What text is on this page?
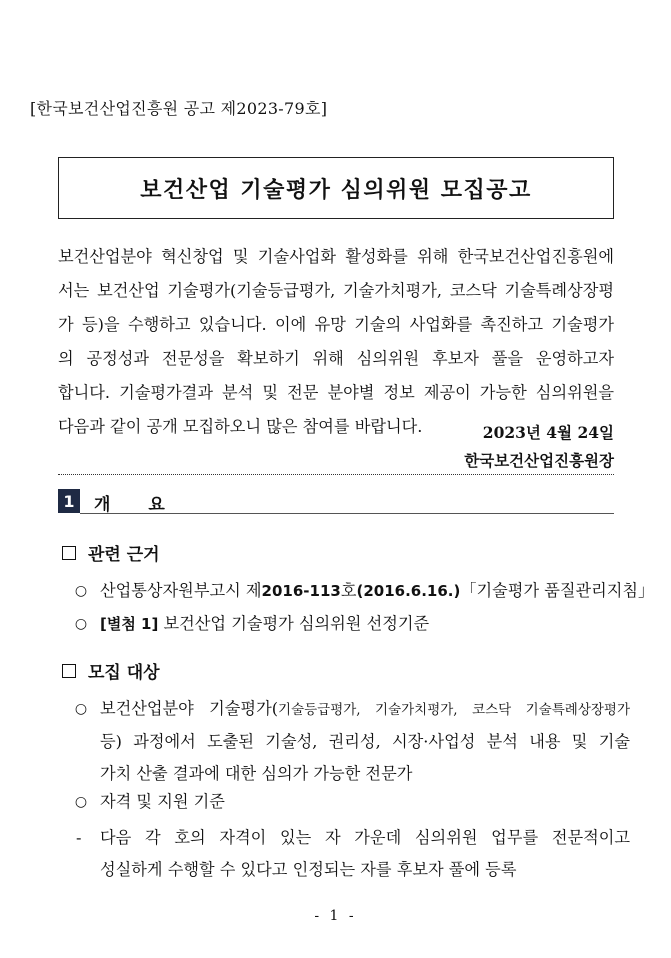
[한국보건산업진흥원 공고 제2023-79호]
보건산업 기술평가 심의위원 모집공고
보건산업분야 혁신창업 및 기술사업화 활성화를 위해 한국보건산업진흥원에
서는 보건산업 기술평가(기술등급평가, 기술가치평가, 코스닥 기술특례상장평
가 등)을 수행하고 있습니다. 이에 유망 기술의 사업화를 촉진하고 기술평가
의 공정성과 전문성을 확보하기 위해 심의위원 후보자 풀을 운영하고자
합니다. 기술평가결과 분석 및 전문 분야별 정보 제공이 가능한 심의위원을
다음과 같이 공개 모집하오니 많은 참여를 바랍니다.	2023년 4월 24일
한국보건산업진흥원장
1	개 요
관련 근거
○ 산업통상자원부고시 제2016-113호(2016.6.16.)「기술평가 품질관리지침」
○ [별첨 1] 보건산업 기술평가 심의위원 선정기준
모집 대상
○ 보건산업분야 기술평가(기술등급평가, 기술가치평가, 코스닥 기술특례상장평가
등) 과정에서 도출된 기술성, 권리성, 시장·사업성 분석 내용 및 기술
가치 산출 결과에 대한 심의가 가능한 전문가
○ 자격 및 지원 기준
- 다음 각 호의 자격이 있는 자 가운데 심의위원 업무를 전문적이고
성실하게 수행할 수 있다고 인정되는 자를 후보자 풀에 등록
- 1 -
